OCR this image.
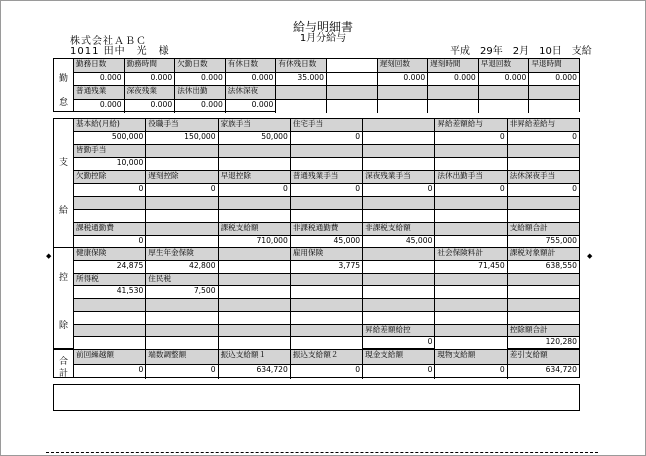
給与明細書
1月分給与
株式会社ＡＢＣ
1011 田中　光　様	平成　29年　2月　10日　支給
勤
怠
勤務日数	勤務時間	欠勤日数	有休日数	有休残日数	遅刻回数	遅刻時間	早退回数	早退時間
0.000	0.000	0.000	0.000	35.000	0.000	0.000	0.000	0.000
普通残業	深夜残業	法休出勤	法休深夜
0.000	0.000	0.000	0.000
支
給
基本給(月給)	役職手当	家族手当	住宅手当	昇給差額給与	非昇給差給与
500,000	150,000	50,000	0	0	0
皆勤手当
10,000
欠勤控除	遅刻控除	早退控除	普通残業手当	深夜残業手当	法休出勤手当	法休深夜手当
0	0	0	0	0	0	0
課税通勤費	課税支給額	非課税通勤費	非課税支給額	支給額合計
0	710,000	45,000	45,000	755,000
控
除
健康保険	厚生年金保険	雇用保険	社会保険料計	課税対象額計
24,875	42,800	3,775	71,450	638,550
所得税	住民税
41,530	7,500
昇給差額給控	控除額合計
0	120,280
合
計
前回繰越額	端数調整額	振込支給額１	振込支給額２	現金支給額	現物支給額	差引支給額
0	0	634,720	0	0	0	634,720
◆	◆
